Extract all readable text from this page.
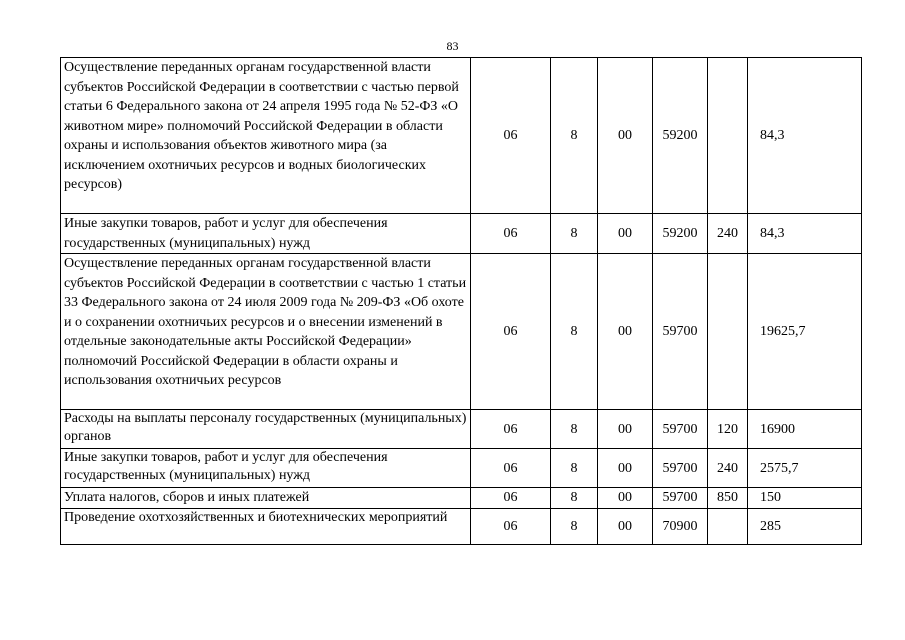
83
Осуществление переданных органам государственной власти субъектов Российской Федерации в соответствии с частью первой статьи 6 Федерального закона от 24 апреля 1995 года № 52-ФЗ «О животном мире» полномочий Российской Федерации в области охраны и использования объектов животного мира (за исключением охотничьих ресурсов и водных биологических ресурсов)	06	8	00	59200		84,3
Иные закупки товаров, работ и услуг для обеспечения государственных (муниципальных) нужд	06	8	00	59200	240	84,3
Осуществление переданных органам государственной власти субъектов Российской Федерации в соответствии с частью 1 статьи 33 Федерального закона от 24 июля 2009 года № 209-ФЗ «Об охоте и о сохранении охотничьих ресурсов и о внесении изменений в отдельные законодательные акты Российской Федерации» полномочий Российской Федерации в области охраны и использования охотничьих ресурсов	06	8	00	59700		19625,7
Расходы на выплаты персоналу государственных (муниципальных) органов	06	8	00	59700	120	16900
Иные закупки товаров, работ и услуг для обеспечения государственных (муниципальных) нужд	06	8	00	59700	240	2575,7
Уплата налогов, сборов и иных платежей	06	8	00	59700	850	150
Проведение охотхозяйственных и биотехнических мероприятий	06	8	00	70900		285
